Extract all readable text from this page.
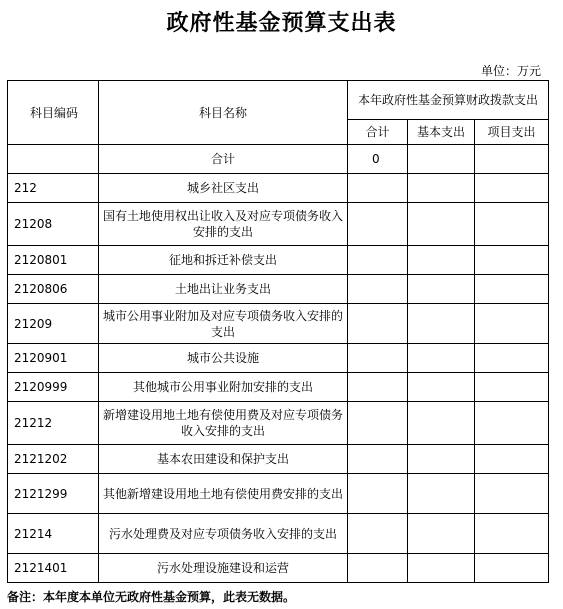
政府性基金预算支出表
单位：万元
科目编码	科目名称	本年政府性基金预算财政拨款支出		
		合计	基本支出	项目支出
	合计	0		
212	城乡社区支出			
21208	国有土地使用权出让收入及对应专项债务收入安排的支出			
2120801	征地和拆迁补偿支出			
2120806	土地出让业务支出			
21209	城市公用事业附加及对应专项债务收入安排的支出			
2120901	城市公共设施			
2120999	其他城市公用事业附加安排的支出			
21212	新增建设用地土地有偿使用费及对应专项债务收入安排的支出			
2121202	基本农田建设和保护支出			
2121299	其他新增建设用地土地有偿使用费安排的支出			
21214	污水处理费及对应专项债务收入安排的支出			
2121401	污水处理设施建设和运营			
备注：本年度本单位无政府性基金预算，此表无数据。
